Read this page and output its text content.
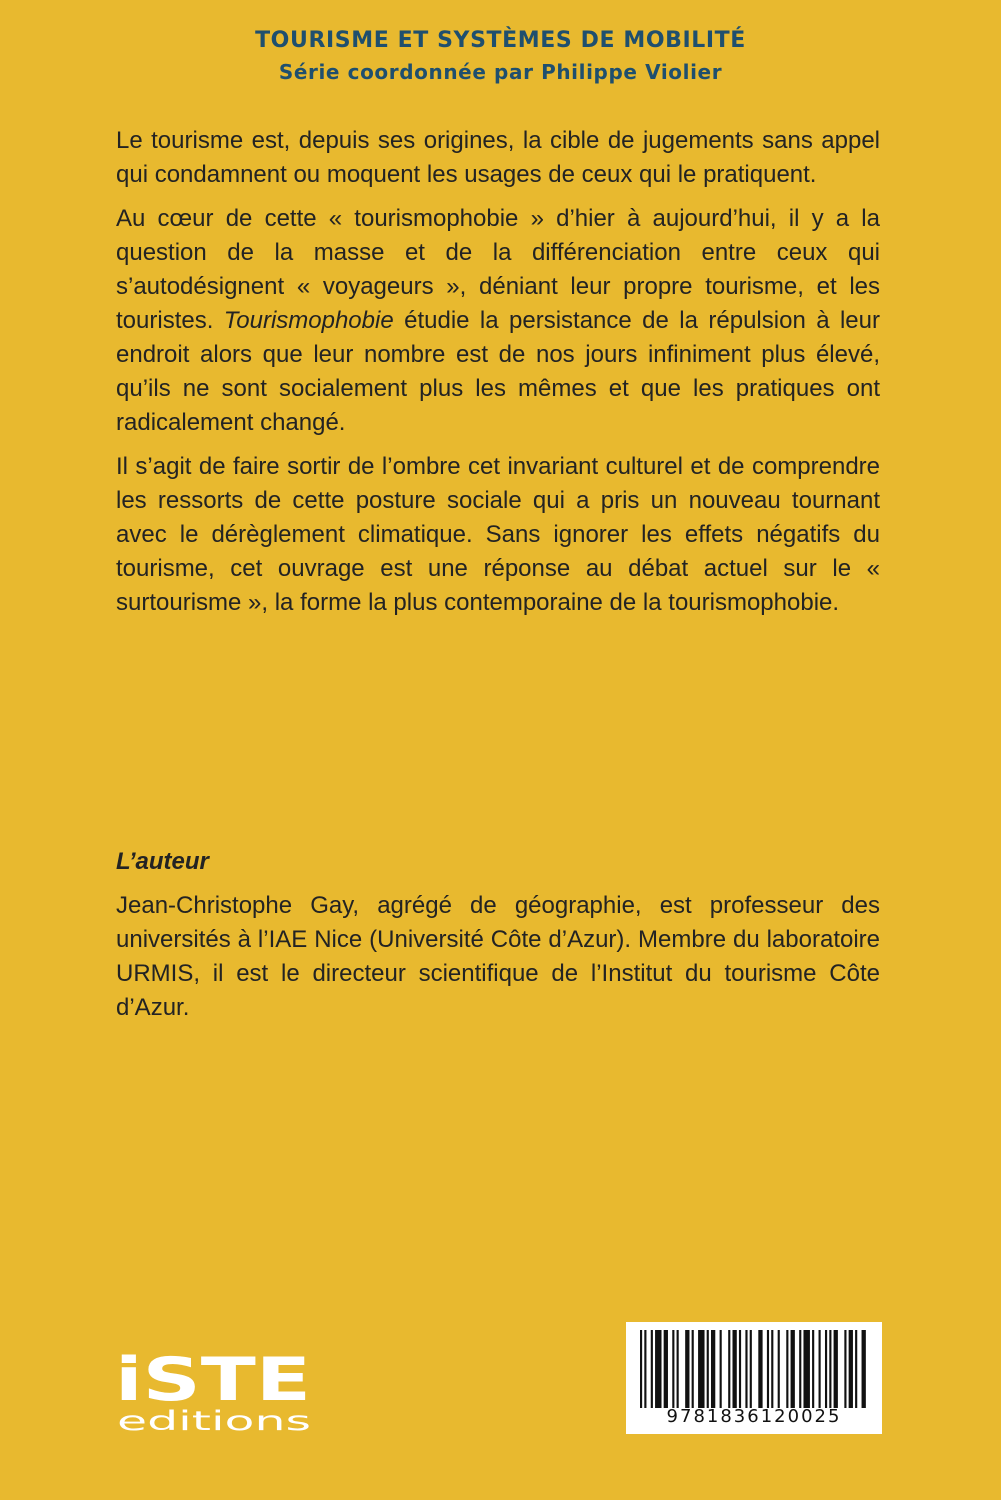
TOURISME ET SYSTÈMES DE MOBILITÉ
Série coordonnée par Philippe Violier

Le tourisme est, depuis ses origines, la cible de jugements sans appel qui condamnent ou moquent les usages de ceux qui le pratiquent.

Au cœur de cette « tourismophobie » d’hier à aujourd’hui, il y a la question de la masse et de la différenciation entre ceux qui s’autodésignent « voyageurs », déniant leur propre tourisme, et les touristes. Tourismophobie étudie la persistance de la répulsion à leur endroit alors que leur nombre est de nos jours infiniment plus élevé, qu’ils ne sont socialement plus les mêmes et que les pratiques ont radicalement changé.

Il s’agit de faire sortir de l’ombre cet invariant culturel et de comprendre les ressorts de cette posture sociale qui a pris un nouveau tournant avec le dérèglement climatique. Sans ignorer les effets négatifs du tourisme, cet ouvrage est une réponse au débat actuel sur le « surtourisme », la forme la plus contemporaine de la tourismophobie.

L’auteur

Jean-Christophe Gay, agrégé de géographie, est professeur des universités à l’IAE Nice (Université Côte d’Azur). Membre du laboratoire URMIS, il est le directeur scientifique de l’Institut du tourisme Côte d’Azur.

iSTE
editions	9781836120025
